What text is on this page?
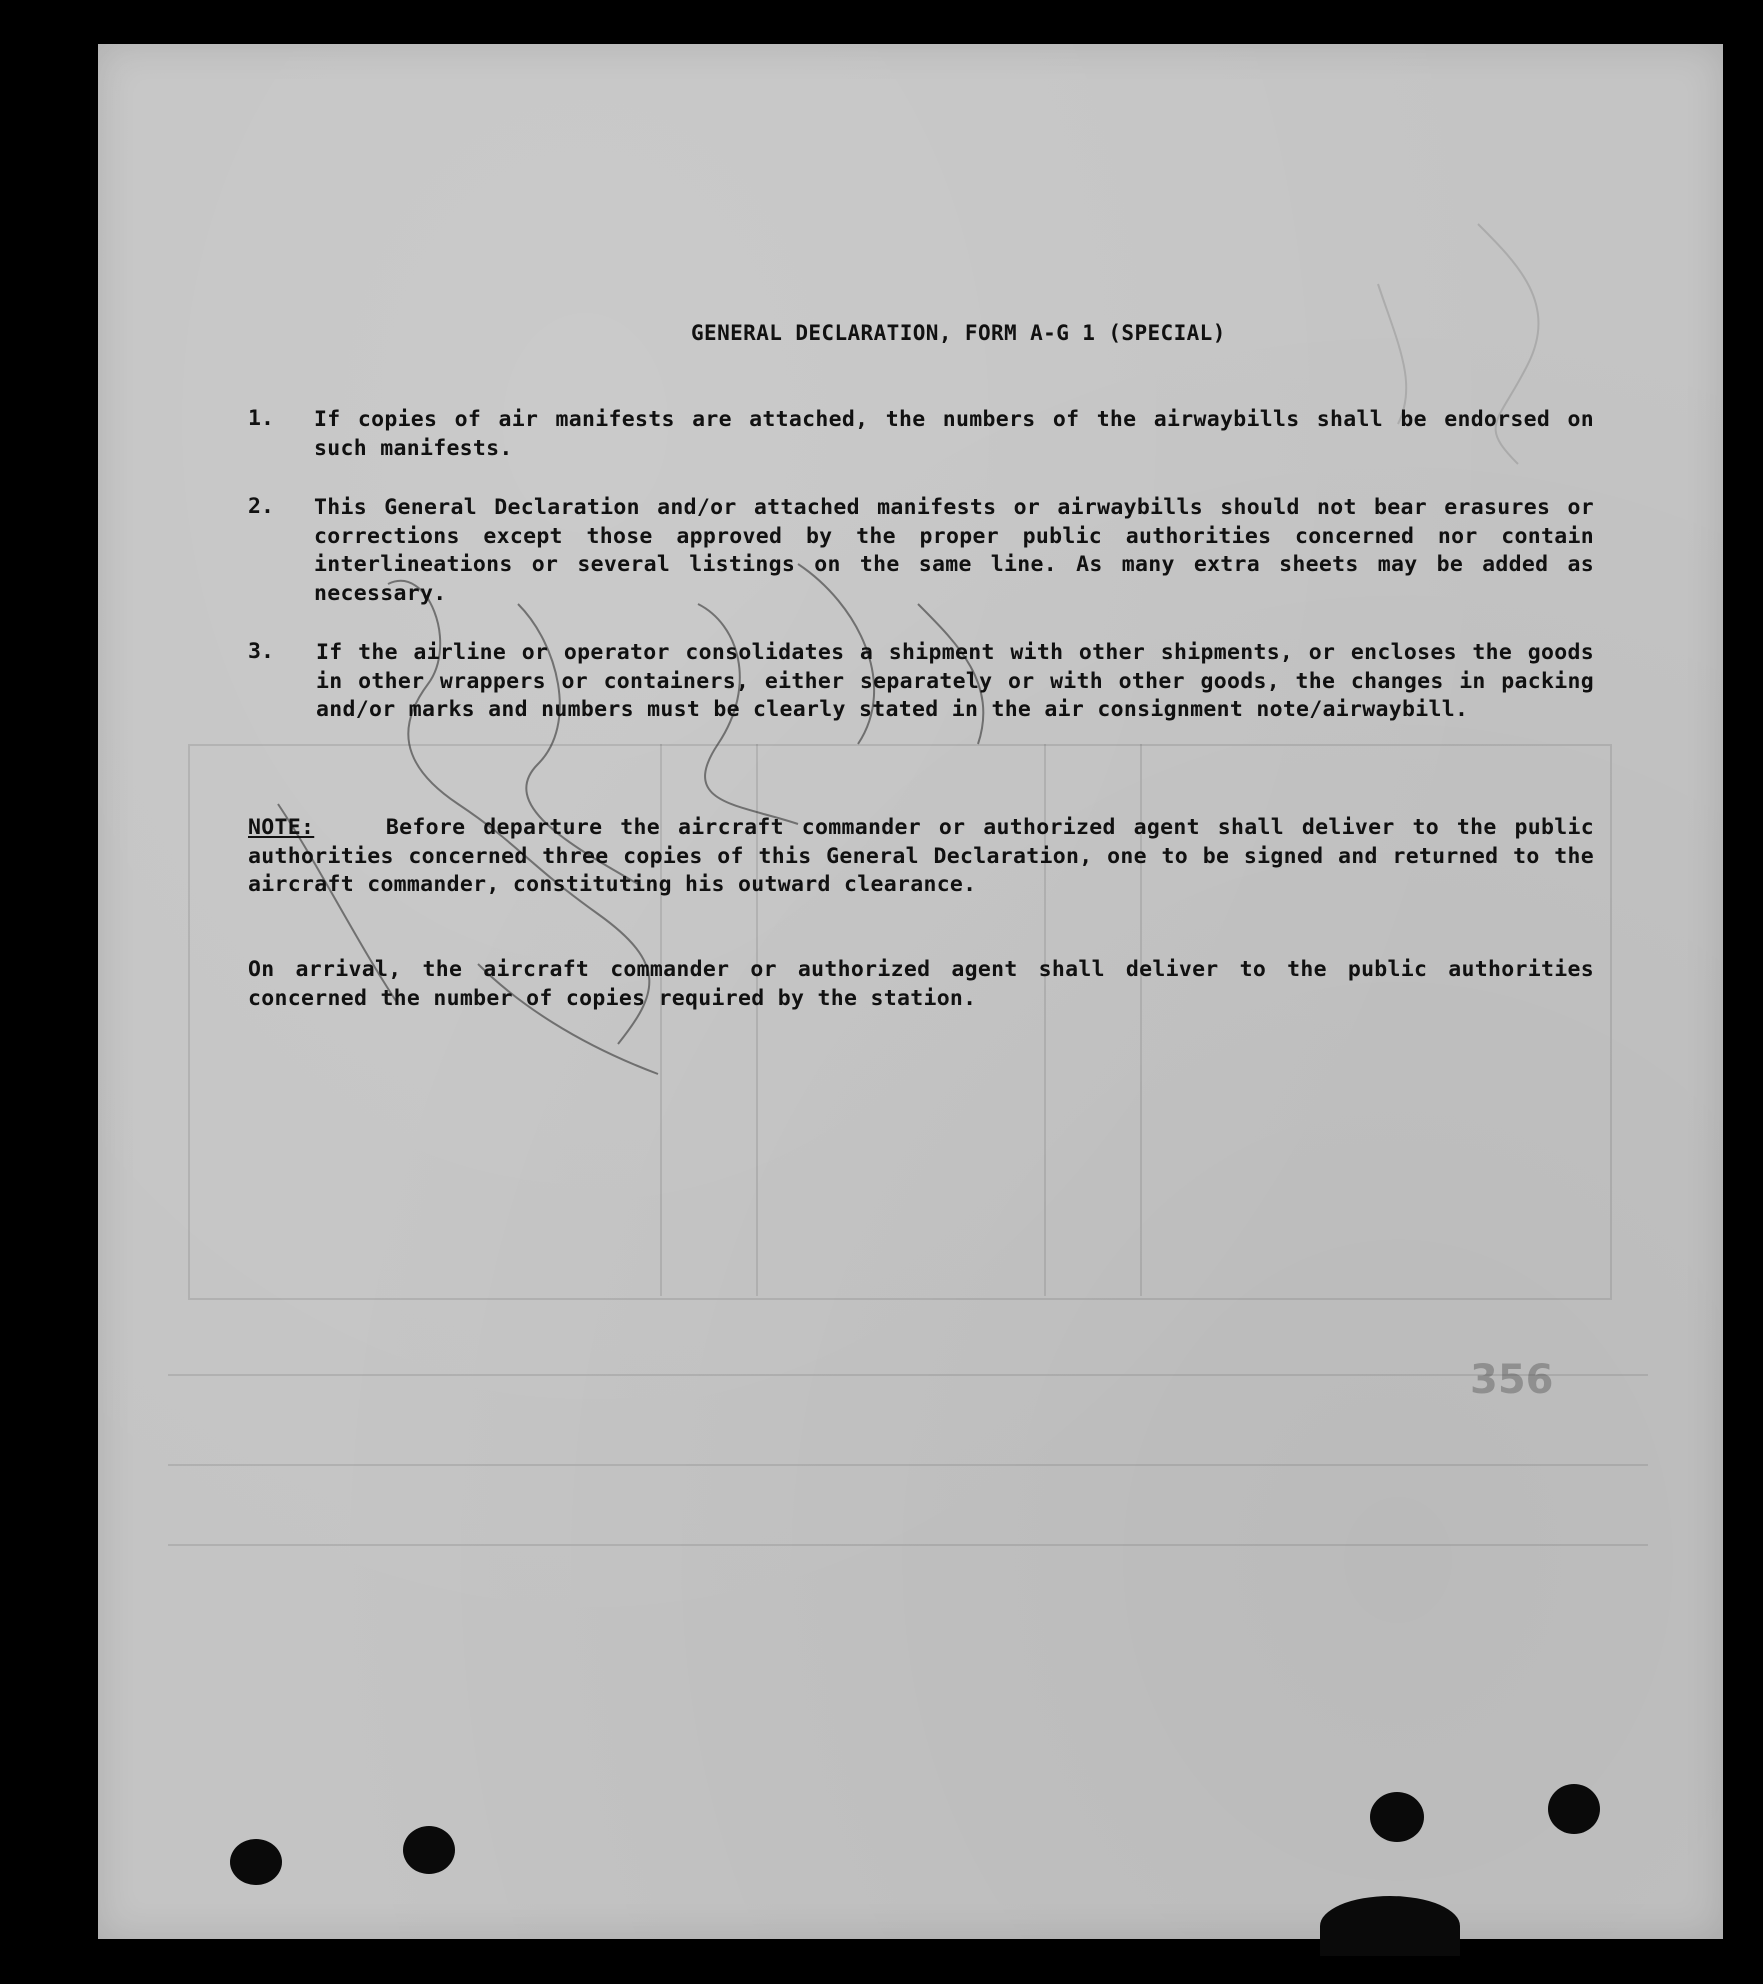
356
GENERAL DECLARATION, FORM A-G 1 (SPECIAL)
1. If copies of air manifests are attached, the numbers of the airwaybills shall be endorsed on such manifests.
2. This General Declaration and/or attached manifests or airwaybills should not bear erasures or corrections except those approved by the proper public authorities concerned nor contain interlineations or several listings on the same line. As many extra sheets may be added as necessary.
3. If the airline or operator consolidates a shipment with other shipments, or encloses the goods in other wrappers or containers, either separately or with other goods, the changes in packing and/or marks and numbers must be clearly stated in the air consignment note/airwaybill.
NOTE:	Before departure the aircraft commander or authorized agent shall deliver to the public authorities concerned three copies of this General Declaration, one to be signed and returned to the aircraft commander, constituting his outward clearance.
On arrival, the aircraft commander or authorized agent shall deliver to the public authorities concerned the number of copies required by the station.
